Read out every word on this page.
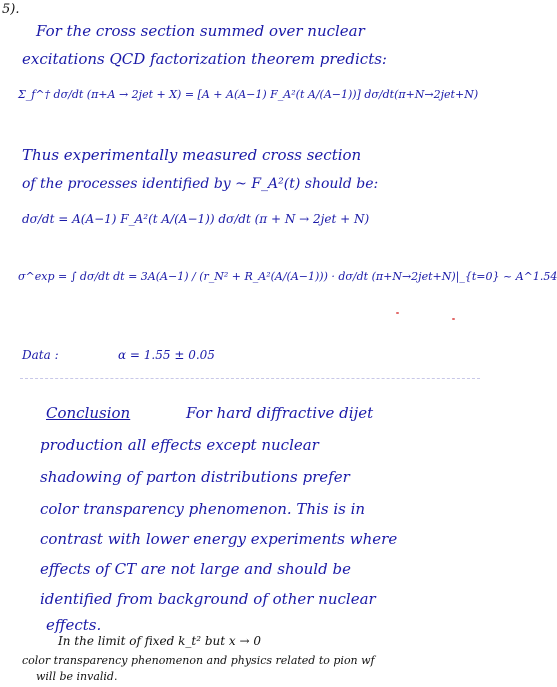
5).
For the cross section summed over nuclear
excitations QCD factorization theorem predicts:
Σ_f^† dσ/dt (π+A → 2jet + X) = [A + A(A−1) F_A²(t A/(A−1))] dσ/dt(π+N→2jet+N)
Thus experimentally measured cross section
of the processes identified by ~ F_A²(t) should be:
dσ/dt = A(A−1) F_A²(t A/(A−1)) dσ/dt (π + N → 2jet + N)
σ^exp = ∫ dσ/dt dt = 3A(A−1) / (r_N² + R_A²(A/(A−1))) · dσ/dt (π+N→2jet+N)|_{t=0} ~ A^1.54
Data :	α = 1.55 ± 0.05
Conclusion	For hard diffractive dijet
production all effects except nuclear
shadowing of parton distributions prefer
color transparency phenomenon. This is in
contrast with lower energy experiments where
effects of CT are not large and should be
identified from background of other nuclear
effects.
In the limit of fixed k_t² but x → 0
color transparency phenomenon and physics related to pion wf
will be invalid.
